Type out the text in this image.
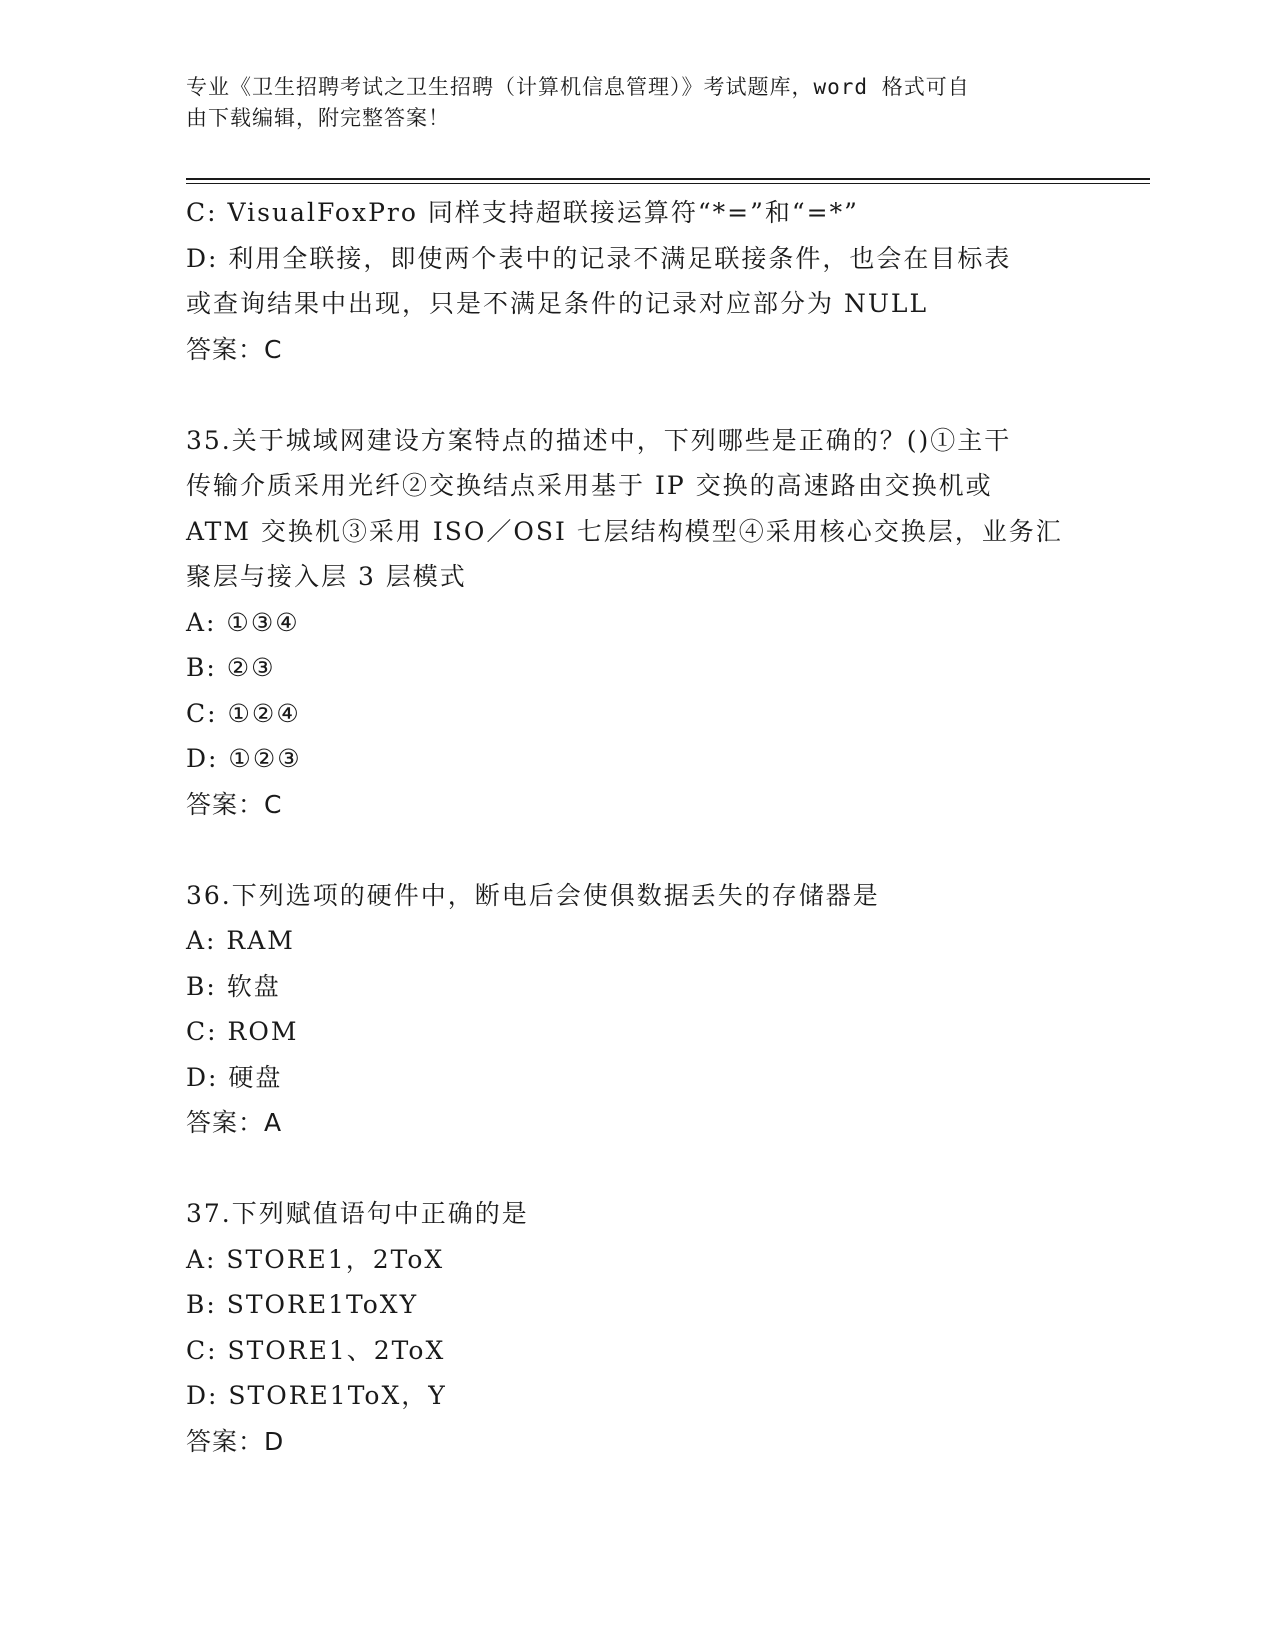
专业《卫生招聘考试之卫生招聘（计算机信息管理）》考试题库，word 格式可自
由下载编辑，附完整答案！
C: VisualFoxPro 同样支持超联接运算符“*=”和“=*”
D: 利用全联接，即使两个表中的记录不满足联接条件，也会在目标表
或查询结果中出现，只是不满足条件的记录对应部分为 NULL
答案：C
35.关于城域网建设方案特点的描述中，下列哪些是正确的？()①主干
传输介质采用光纤②交换结点采用基于 IP 交换的高速路由交换机或
ATM 交换机③采用 ISO／OSI 七层结构模型④采用核心交换层，业务汇
聚层与接入层 3 层模式
A: ①③④
B: ②③
C: ①②④
D: ①②③
答案：C
36.下列选项的硬件中，断电后会使俱数据丢失的存储器是
A: RAM
B: 软盘
C: ROM
D: 硬盘
答案：A
37.下列赋值语句中正确的是
A: STORE1，2ToX
B: STORE1ToXY
C: STORE1、2ToX
D: STORE1ToX，Y
答案：D
